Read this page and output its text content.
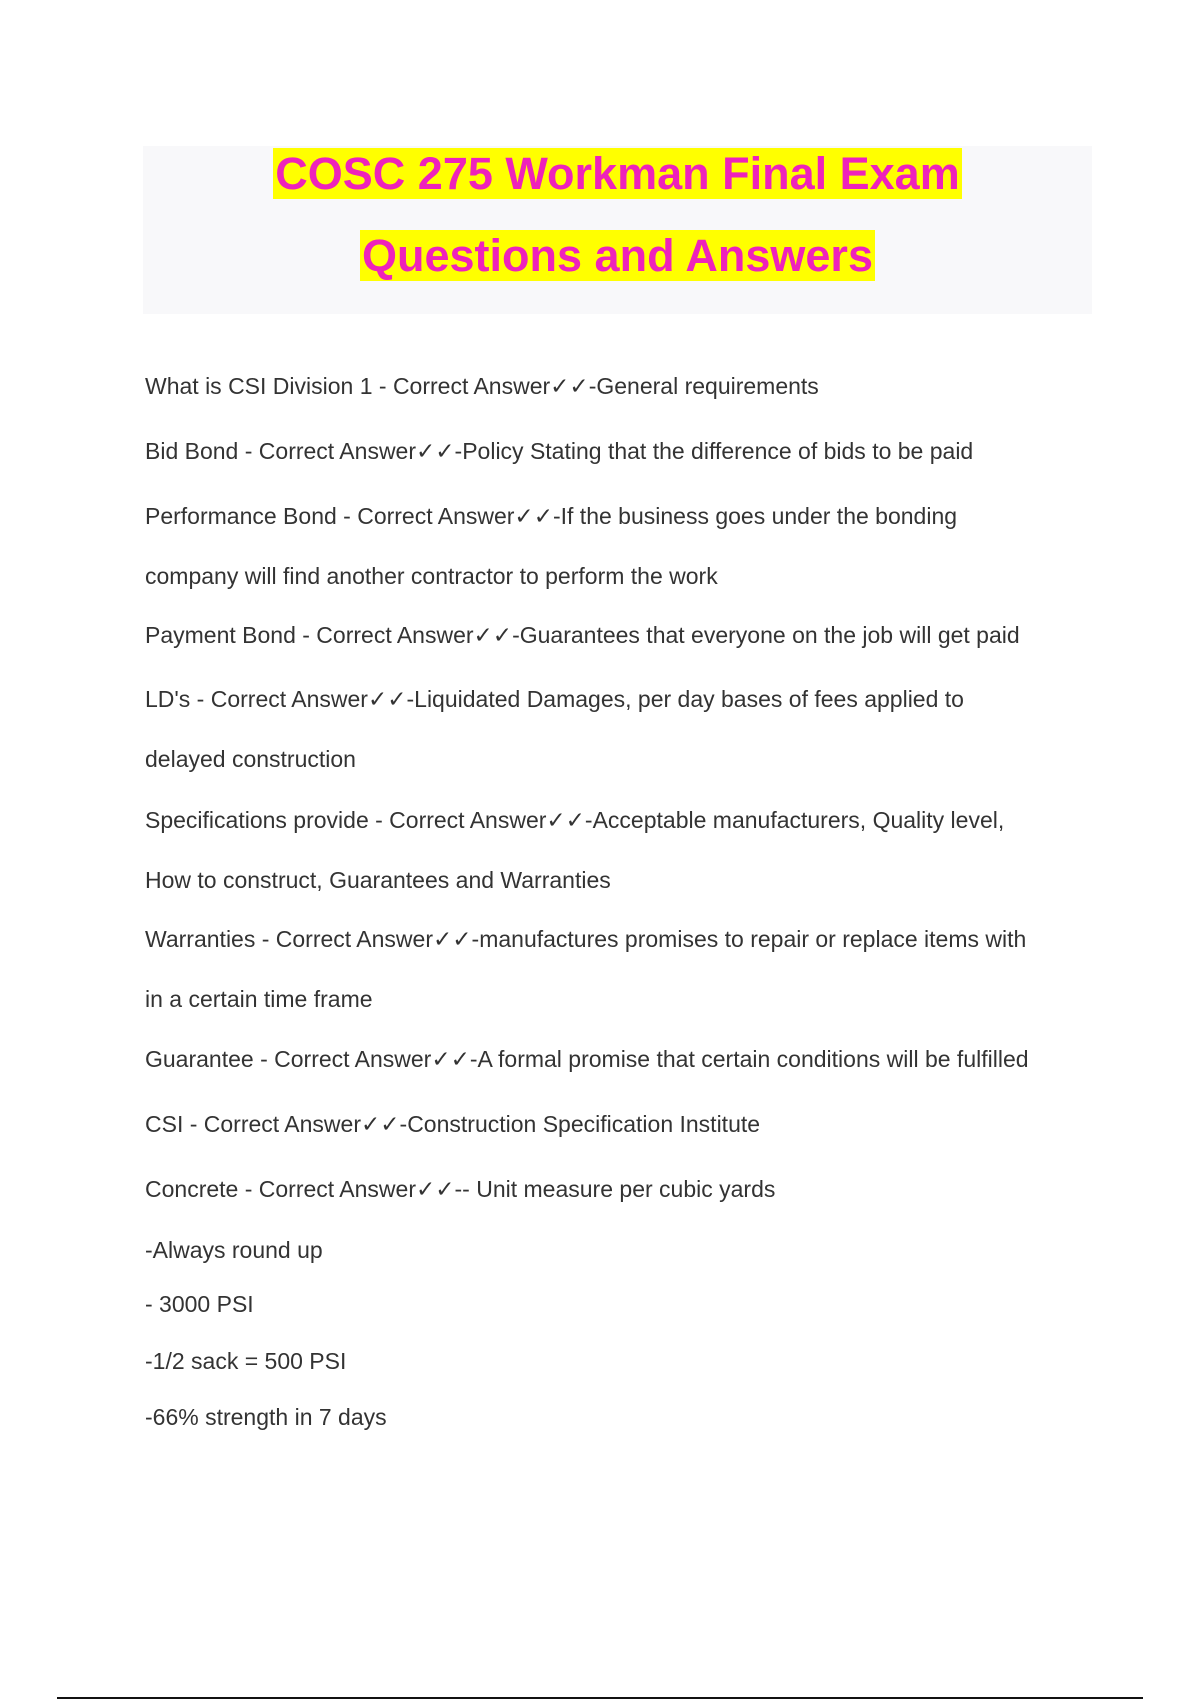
COSC 275 Workman Final Exam
Questions and Answers
What is CSI Division 1 - Correct Answer✓✓-General requirements
Bid Bond - Correct Answer✓✓-Policy Stating that the difference of bids to be paid
Performance Bond - Correct Answer✓✓-If the business goes under the bonding
company will find another contractor to perform the work
Payment Bond - Correct Answer✓✓-Guarantees that everyone on the job will get paid
LD's - Correct Answer✓✓-Liquidated Damages, per day bases of fees applied to
delayed construction
Specifications provide - Correct Answer✓✓-Acceptable manufacturers, Quality level,
How to construct, Guarantees and Warranties
Warranties - Correct Answer✓✓-manufactures promises to repair or replace items with
in a certain time frame
Guarantee - Correct Answer✓✓-A formal promise that certain conditions will be fulfilled
CSI - Correct Answer✓✓-Construction Specification Institute
Concrete - Correct Answer✓✓-- Unit measure per cubic yards
-Always round up
- 3000 PSI
-1/2 sack = 500 PSI
-66% strength in 7 days
